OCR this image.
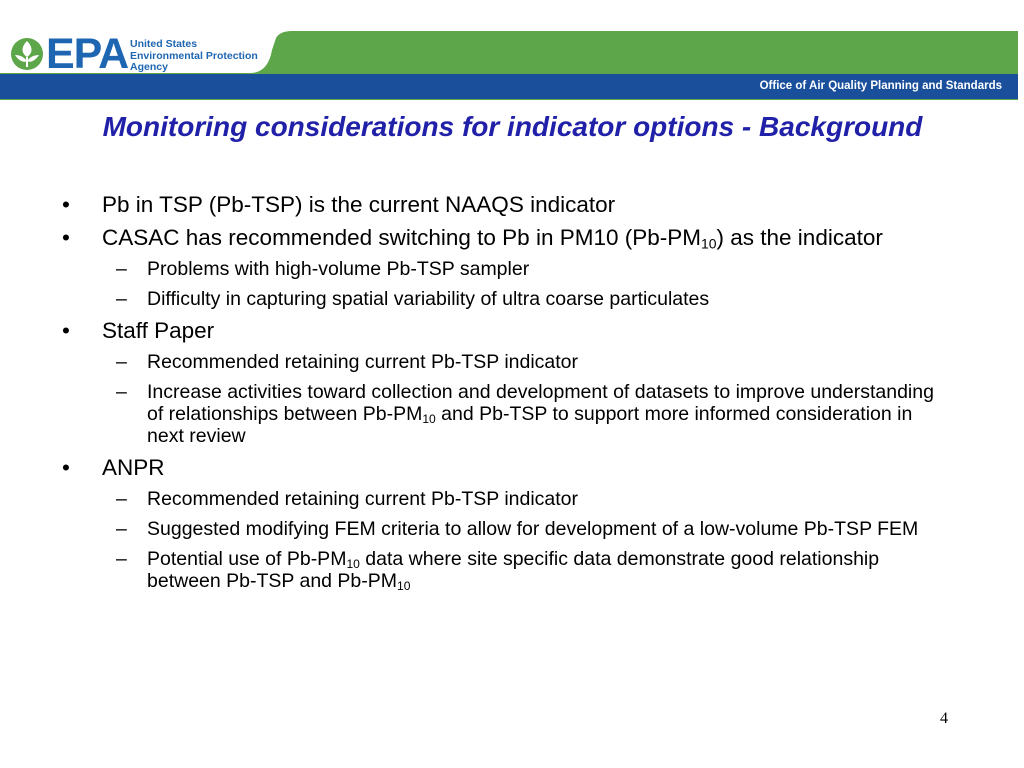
EPA United States
Environmental Protection
Agency
Office of Air Quality Planning and Standards
Monitoring considerations for indicator options - Background
• Pb in TSP (Pb-TSP) is the current NAAQS indicator
• CASAC has recommended switching to Pb in PM10 $(Pb-PM_{10})$ as the indicator
– Problems with high-volume Pb-TSP sampler
– Difficulty in capturing spatial variability of ultra coarse particulates
• Staff Paper
– Recommended retaining current Pb-TSP indicator
– Increase activities toward collection and development of datasets to improve understanding of relationships between $Pb-PM_{10}$ and Pb-TSP to support more informed consideration in next review
• ANPR
– Recommended retaining current Pb-TSP indicator
– Suggested modifying FEM criteria to allow for development of a low-volume Pb-TSP FEM
– Potential use of $Pb-PM_{10}$ data where site specific data demonstrate good relationship between Pb-TSP and $Pb-PM_{10}$
4
